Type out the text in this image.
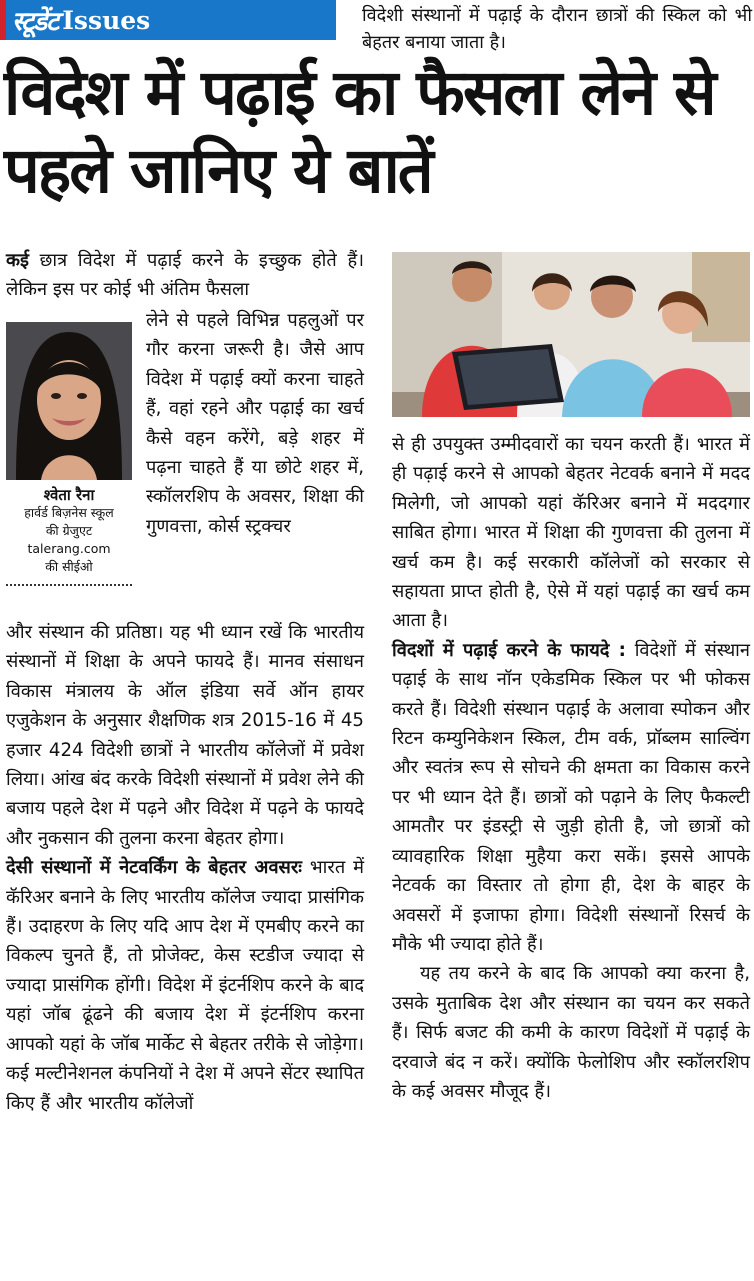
स्टूडेंट Issues	विदेशी संस्थानों में पढ़ाई के दौरान छात्रों की स्किल को भी बेहतर बनाया जाता है।
विदेश में पढ़ाई का फैसला लेने से पहले जानिए ये बातें
कई छात्र विदेश में पढ़ाई करने के इच्छुक होते हैं। लेकिन इस पर कोई भी अंतिम फैसला
श्वेता रैना
हार्वर्ड बिज़नेस स्कूल
की ग्रेजुएट
talerang.com
की सीईओ
लेने से पहले विभिन्न पहलुओं पर गौर करना जरूरी है। जैसे आप विदेश में पढ़ाई क्यों करना चाहते हैं, वहां रहने और पढ़ाई का खर्च कैसे वहन करेंगे, बड़े शहर में पढ़ना चाहते हैं या छोटे शहर में, स्कॉलरशिप के अवसर, शिक्षा की गुणवत्ता, कोर्स स्ट्रक्चर

और संस्थान की प्रतिष्ठा। यह भी ध्यान रखें कि भारतीय संस्थानों में शिक्षा के अपने फायदे हैं। मानव संसाधन विकास मंत्रालय के ऑल इंडिया सर्वे ऑन हायर एजुकेशन के अनुसार शैक्षणिक शत्र 2015-16 में 45 हजार 424 विदेशी छात्रों ने भारतीय कॉलेजों में प्रवेश लिया। आंख बंद करके विदेशी संस्थानों में प्रवेश लेने की बजाय पहले देश में पढ़ने और विदेश में पढ़ने के फायदे और नुकसान की तुलना करना बेहतर होगा।

देसी संस्थानों में नेटवर्किंग के बेहतर अवसरः भारत में कॅरिअर बनाने के लिए भारतीय कॉलेज ज्यादा प्रासंगिक हैं। उदाहरण के लिए यदि आप देश में एमबीए करने का विकल्प चुनते हैं, तो प्रोजेक्ट, केस स्टडीज ज्यादा से ज्यादा प्रासंगिक होंगी। विदेश में इंटर्नशिप करने के बाद यहां जॉब ढूंढने की बजाय देश में इंटर्नशिप करना आपको यहां के जॉब मार्केट से बेहतर तरीके से जोड़ेगा। कई मल्टीनेशनल कंपनियों ने देश में अपने सेंटर स्थापित किए हैं और भारतीय कॉलेजों

से ही उपयुक्त उम्मीदवारों का चयन करती हैं। भारत में ही पढ़ाई करने से आपको बेहतर नेटवर्क बनाने में मदद मिलेगी, जो आपको यहां कॅरिअर बनाने में मददगार साबित होगा। भारत में शिक्षा की गुणवत्ता की तुलना में खर्च कम है। कई सरकारी कॉलेजों को सरकार से सहायता प्राप्त होती है, ऐसे में यहां पढ़ाई का खर्च कम आता है।

विदशों में पढ़ाई करने के फायदे : विदेशों में संस्थान पढ़ाई के साथ नॉन एकेडमिक स्किल पर भी फोकस करते हैं। विदेशी संस्थान पढ़ाई के अलावा स्पोकन और रिटन कम्युनिकेशन स्किल, टीम वर्क, प्रॉब्लम साल्विंग और स्वतंत्र रूप से सोचने की क्षमता का विकास करने पर भी ध्यान देते हैं। छात्रों को पढ़ाने के लिए फैकल्टी आमतौर पर इंडस्ट्री से जुड़ी होती है, जो छात्रों को व्यावहारिक शिक्षा मुहैया करा सकें। इससे आपके नेटवर्क का विस्तार तो होगा ही, देश के बाहर के अवसरों में इजाफा होगा। विदेशी संस्थानों रिसर्च के मौके भी ज्यादा होते हैं।

यह तय करने के बाद कि आपको क्या करना है, उसके मुताबिक देश और संस्थान का चयन कर सकते हैं। सिर्फ बजट की कमी के कारण विदेशों में पढ़ाई के दरवाजे बंद न करें। क्योंकि फेलोशिप और स्कॉलरशिप के कई अवसर मौजूद हैं।
